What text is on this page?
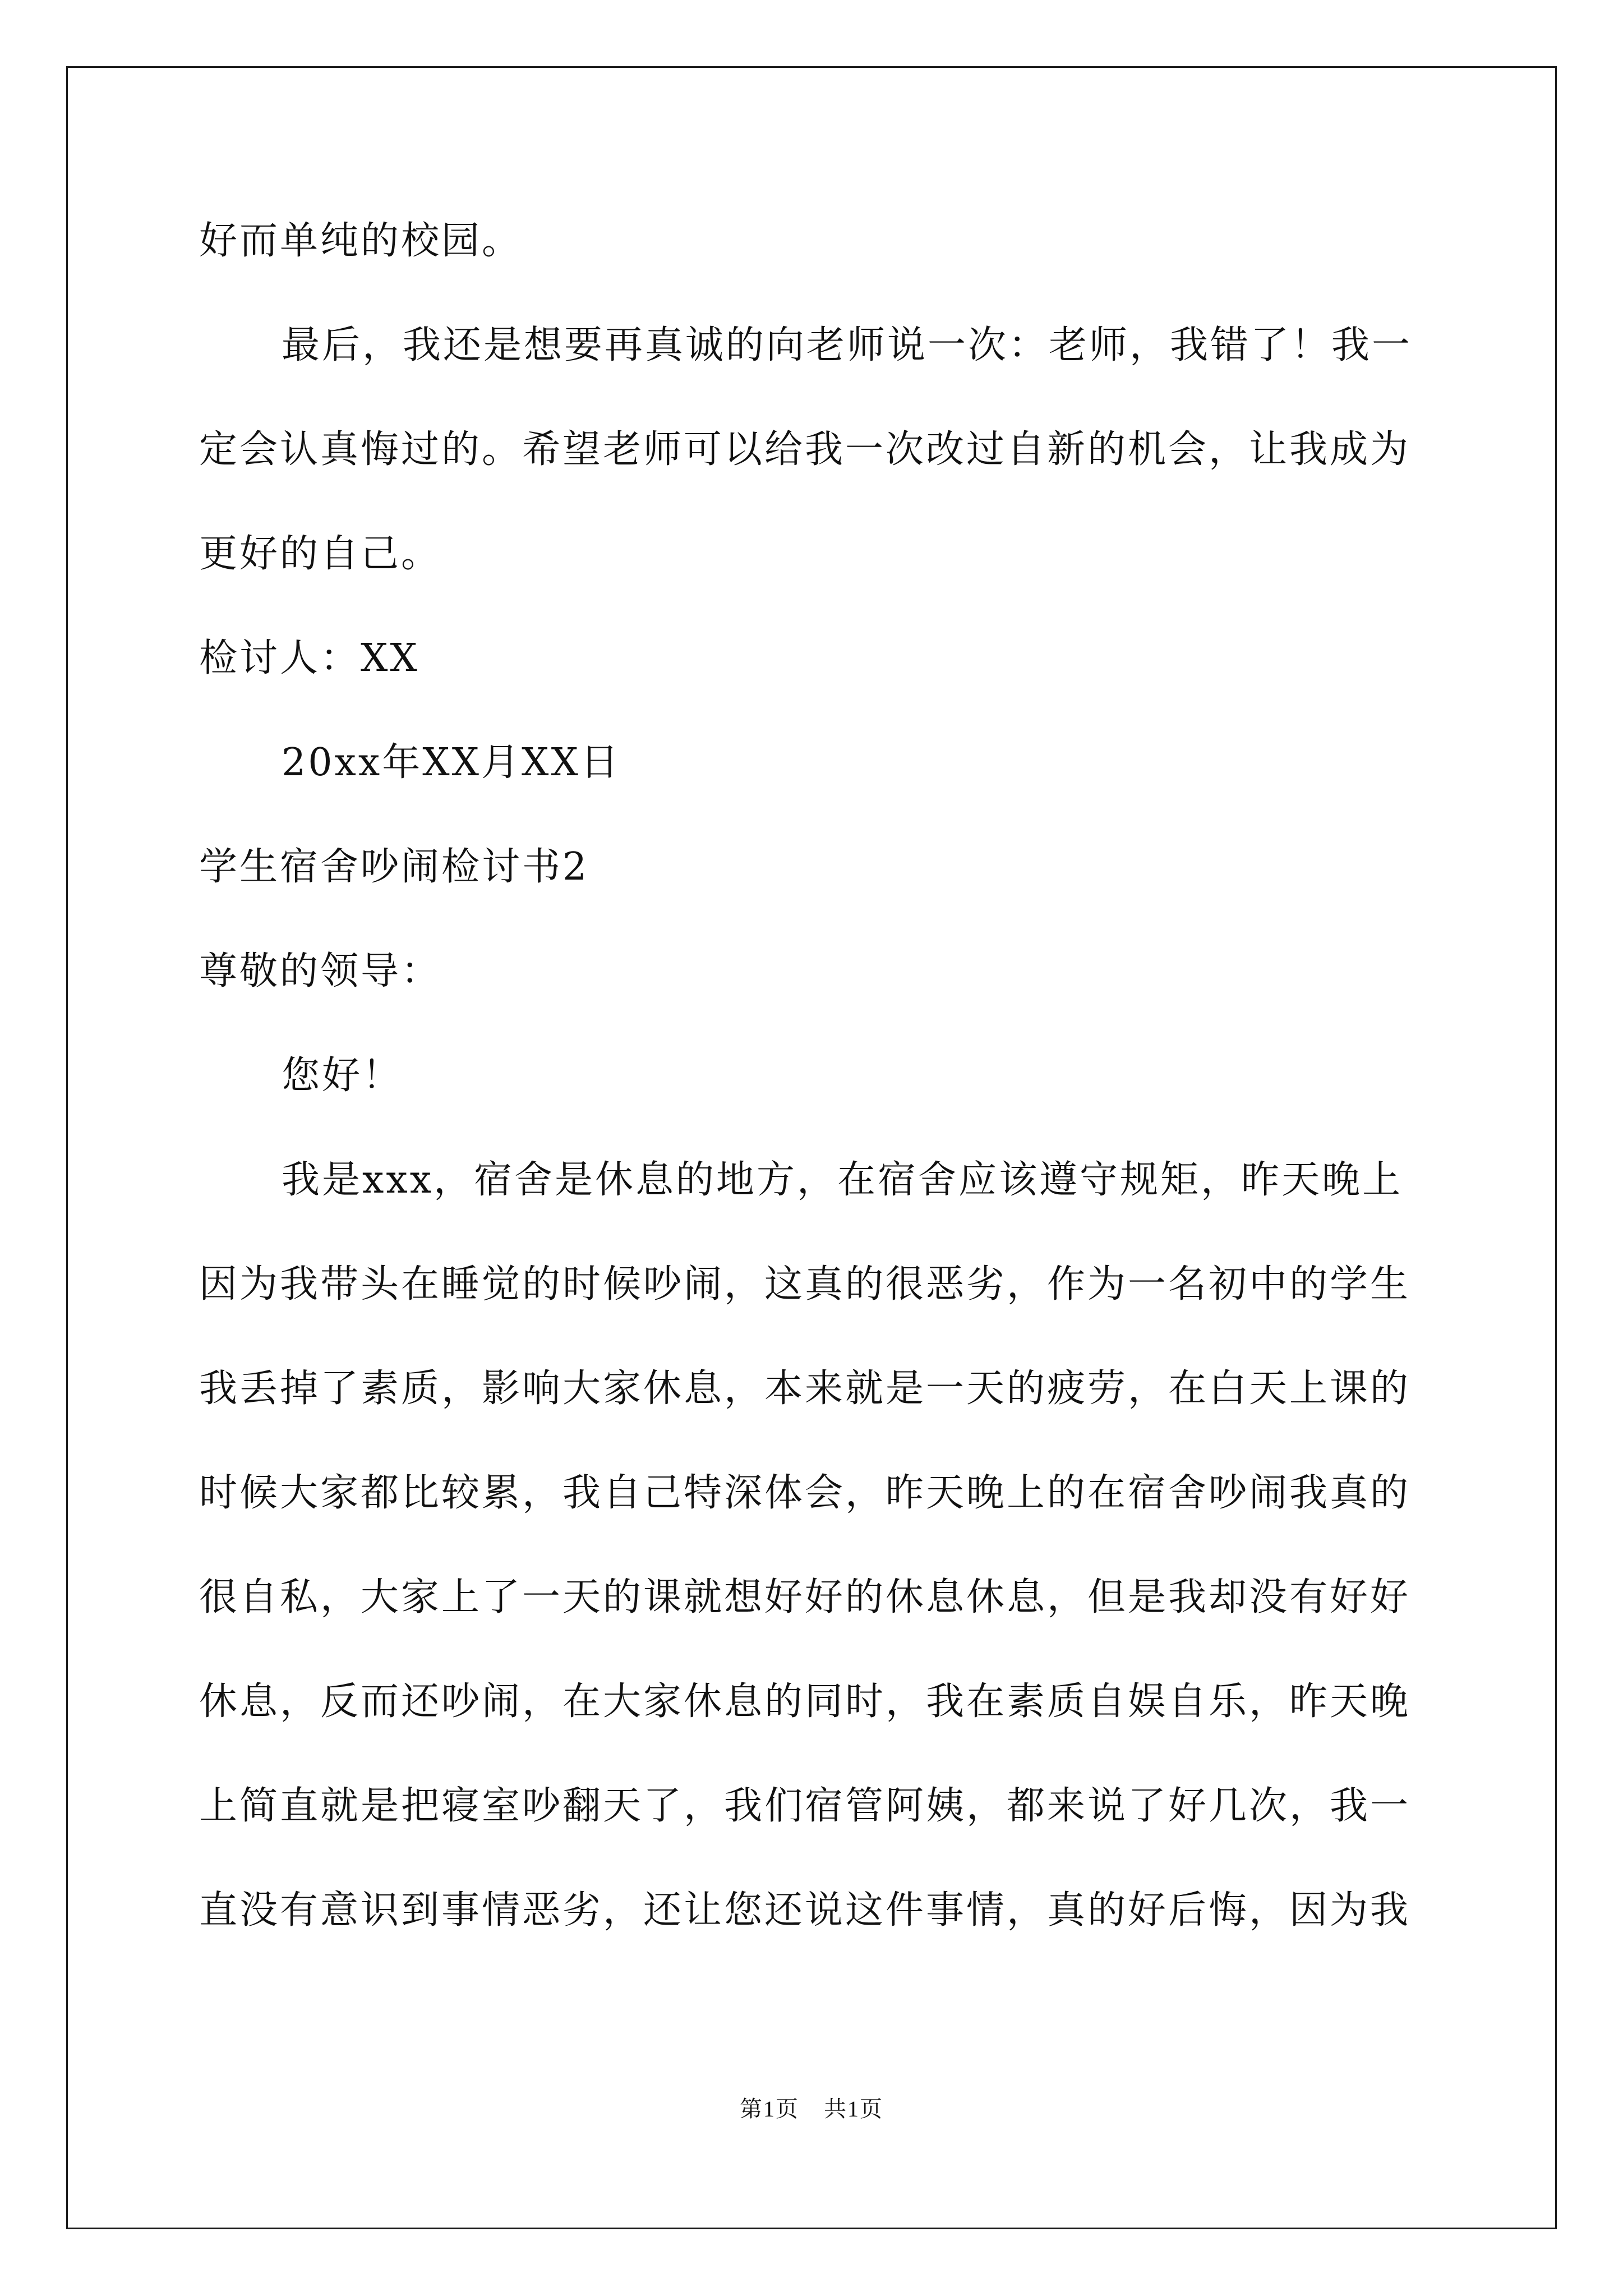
好而单纯的校园。

最后，我还是想要再真诚的向老师说一次：老师，我错了！我一

定会认真悔过的。希望老师可以给我一次改过自新的机会，让我成为

更好的自己。

检讨人：XX

20xx年XX月XX日

学生宿舍吵闹检讨书2

尊敬的领导：

您好！

我是xxx，宿舍是休息的地方，在宿舍应该遵守规矩，昨天晚上

因为我带头在睡觉的时候吵闹，这真的很恶劣，作为一名初中的学生

我丢掉了素质，影响大家休息，本来就是一天的疲劳，在白天上课的

时候大家都比较累，我自己特深体会，昨天晚上的在宿舍吵闹我真的

很自私，大家上了一天的课就想好好的休息休息，但是我却没有好好

休息，反而还吵闹，在大家休息的同时，我在素质自娱自乐，昨天晚

上简直就是把寝室吵翻天了，我们宿管阿姨，都来说了好几次，我一

直没有意识到事情恶劣，还让您还说这件事情，真的好后悔，因为我

第1页 共1页
